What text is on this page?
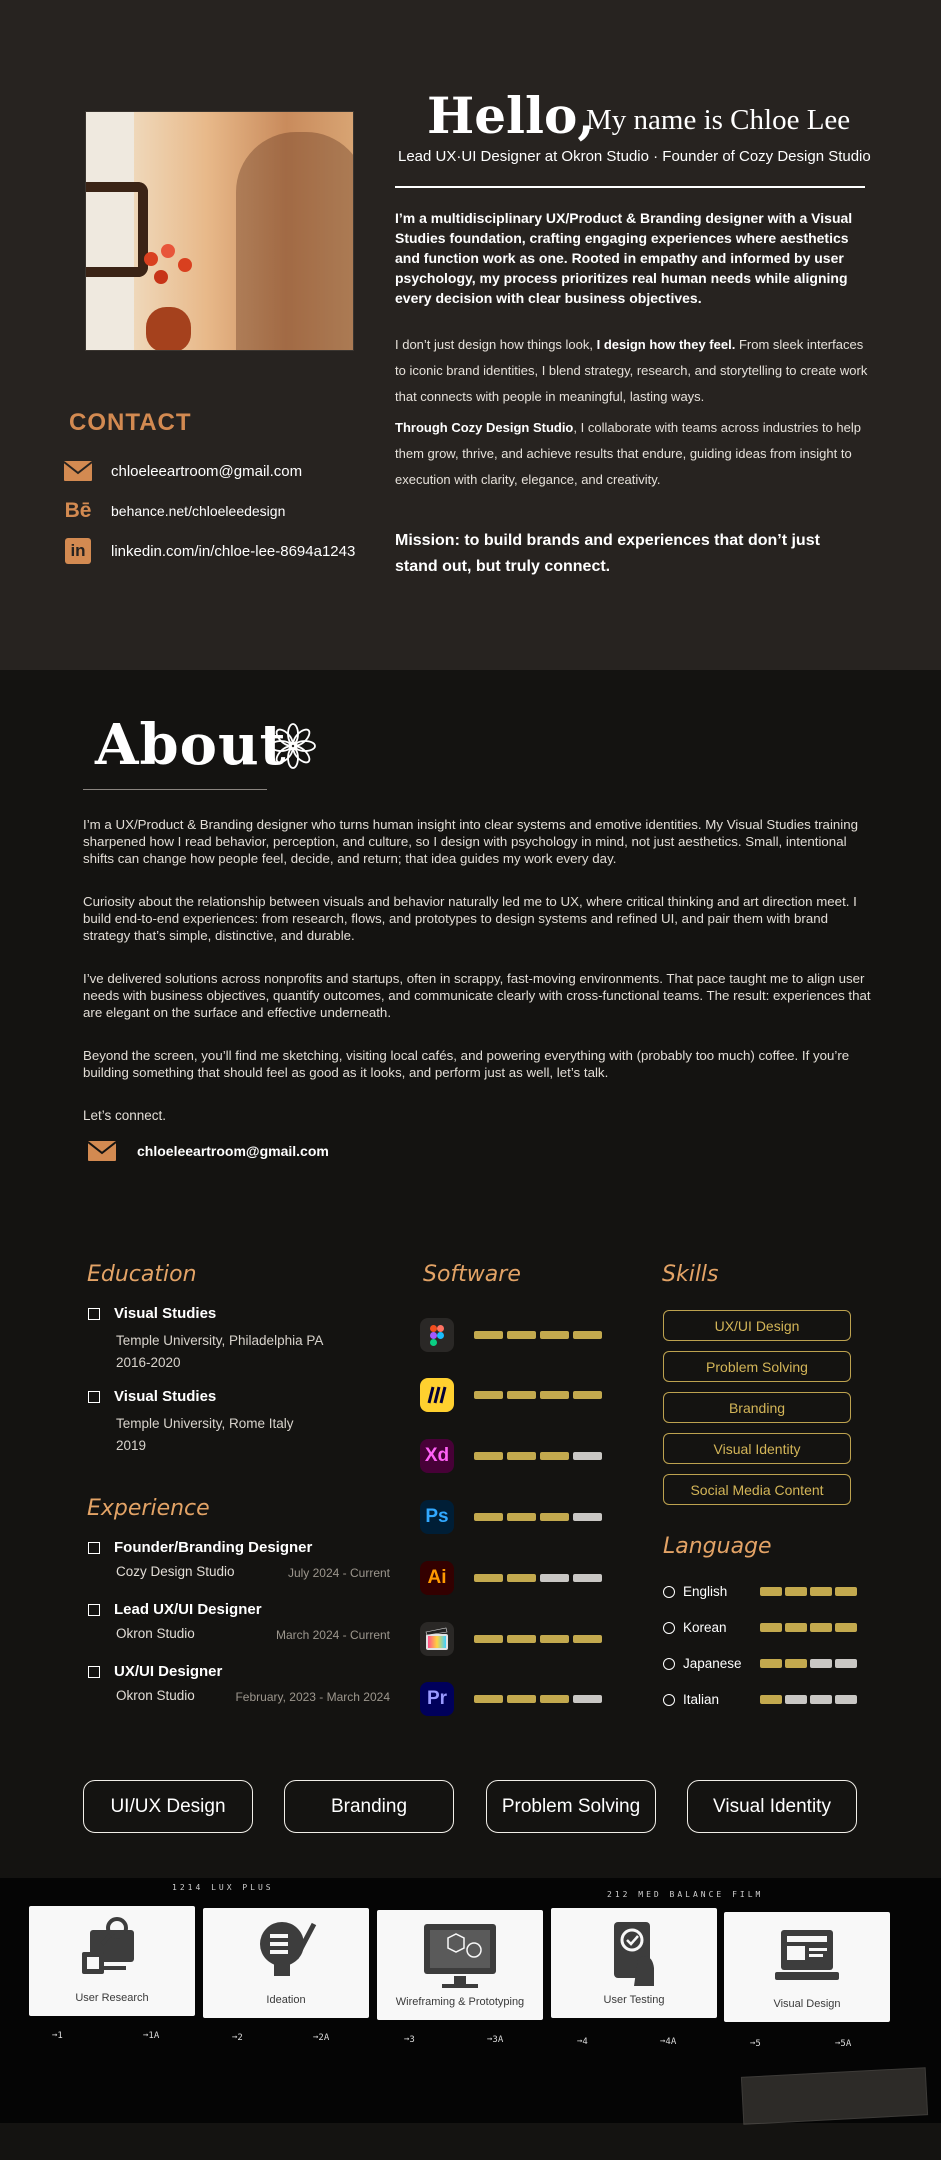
Hello,
My name is Chloe Lee
Lead UX·UI Designer at Okron Studio · Founder of Cozy Design Studio
I’m a multidisciplinary UX/Product & Branding designer with a Visual Studies foundation, crafting engaging experiences where aesthetics and function work as one. Rooted in empathy and informed by user psychology, my process prioritizes real human needs while aligning every decision with clear business objectives.
I don’t just design how things look, I design how they feel. From sleek interfaces to iconic brand identities, I blend strategy, research, and storytelling to create work that connects with people in meaningful, lasting ways.
Through Cozy Design Studio, I collaborate with teams across industries to help them grow, thrive, and achieve results that endure, guiding ideas from insight to execution with clarity, elegance, and creativity.
Mission: to build brands and experiences that don’t just stand out, but truly connect.
CONTACT
chloeleeartroom@gmail.com
Bē behance.net/chloeleedesign
in	linkedin.com/in/chloe-lee-8694a1243
About
I’m a UX/Product & Branding designer who turns human insight into clear systems and emotive identities. My Visual Studies training sharpened how I read behavior, perception, and culture, so I design with psychology in mind, not just aesthetics. Small, intentional shifts can change how people feel, decide, and return; that idea guides my work every day.
Curiosity about the relationship between visuals and behavior naturally led me to UX, where critical thinking and art direction meet. I build end-to-end experiences: from research, flows, and prototypes to design systems and refined UI, and pair them with brand strategy that’s simple, distinctive, and durable.
I’ve delivered solutions across nonprofits and startups, often in scrappy, fast-moving environments. That pace taught me to align user needs with business objectives, quantify outcomes, and communicate clearly with cross-functional teams. The result: experiences that are elegant on the surface and effective underneath.
Beyond the screen, you’ll find me sketching, visiting local cafés, and powering everything with (probably too much) coffee. If you’re building something that should feel as good as it looks, and perform just as well, let’s talk.
Let’s connect.
chloeleeartroom@gmail.com
Education
Visual Studies
Temple University, Philadelphia PA
2016-2020
Visual Studies
Temple University, Rome Italy
2019
Experience
Founder/Branding Designer
Cozy Design Studio	July 2024 - Current
Lead UX/UI Designer
Okron Studio	March 2024 - Current
UX/UI Designer
Okron Studio	February, 2023 - March 2024
Software
Xd
Ps
Ai
Pr
Skills
UX/UI Design
Problem Solving
Branding
Visual Identity
Social Media Content
Language
English
Korean
Japanese
Italian
UI/UX Design	Branding	Problem Solving	Visual Identity
1214 LUX PLUS
212 MED BALANCE FILM
User Research	Ideation	Wireframing & Prototyping	User Testing	Visual Design
➞1	➞1A	➞2	➞2A	➞3	➞3A	➞4	➞4A	➞5	➞5A
